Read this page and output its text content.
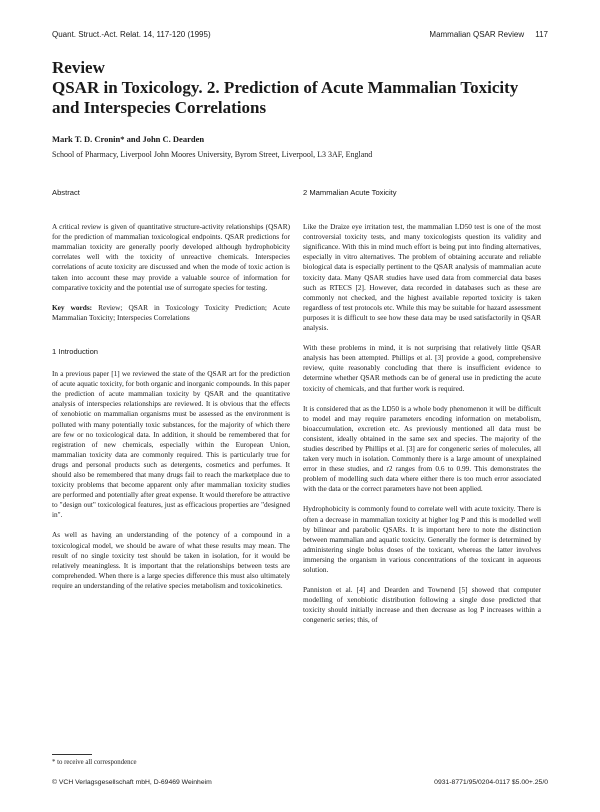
Quant. Struct.-Act. Relat. 14, 117-120 (1995)	Mammalian QSAR Review 117
Review
QSAR in Toxicology. 2. Prediction of Acute Mammalian Toxicity and Interspecies Correlations
Mark T. D. Cronin* and John C. Dearden
School of Pharmacy, Liverpool John Moores University, Byrom Street, Liverpool, L3 3AF, England
Abstract

A critical review is given of quantitative structure-activity relationships (QSAR) for the prediction of mammalian toxicological endpoints. QSAR predictions for mammalian toxicity are generally poorly developed although hydrophobicity correlates well with the toxicity of unreactive chemicals. Interspecies correlations of acute toxicity are discussed and when the mode of toxic action is taken into account these may provide a valuable source of information for comparative toxicity and the potential use of surrogate species for testing.

Key words: Review; QSAR in Toxicology Toxicity Prediction; Acute Mammalian Toxicity; Interspecies Correlations

1 Introduction

In a previous paper [1] we reviewed the state of the QSAR art for the prediction of acute aquatic toxicity, for both organic and inorganic compounds. In this paper the prediction of acute mammalian toxicity by QSAR and the quantitative analysis of interspecies relationships are reviewed. It is obvious that the effects of xenobiotic on mammalian organisms must be assessed as the environment is polluted with many potentially toxic substances, for the majority of which there are few or no toxicological data. In addition, it should be remembered that for registration of new chemicals, especially within the European Union, mammalian toxicity data are commonly required. This is particularly true for drugs and personal products such as detergents, cosmetics and perfumes. It should also be remembered that many drugs fail to reach the marketplace due to toxicity problems that become apparent only after mammalian toxicity studies are performed and potentially after great expense. It would therefore be attractive to "design out" toxicological features, just as efficacious properties are "designed in".

As well as having an understanding of the potency of a compound in a toxicological model, we should be aware of what these results may mean. The result of no single toxicity test should be taken in isolation, for it would be relatively meaningless. It is important that the relationships between tests are comprehended. When there is a large species difference this must also ultimately require an understanding of the relative species metabolism and toxicokinetics.

* to receive all correspondence
2 Mammalian Acute Toxicity

Like the Draize eye irritation test, the mammalian LD50 test is one of the most controversial toxicity tests, and many toxicologists question its validity and significance. With this in mind much effort is being put into finding alternatives, especially in vitro alternatives. The problem of obtaining accurate and reliable biological data is especially pertinent to the QSAR analysis of mammalian acute toxicity data. Many QSAR studies have used data from commercial data bases such as RTECS [2]. However, data recorded in databases such as these are commonly not checked, and the highest available reported toxicity is taken regardless of test protocols etc. While this may be suitable for hazard assessment purposes it is difficult to see how these data may be used satisfactorily in QSAR analysis.

With these problems in mind, it is not surprising that relatively little QSAR analysis has been attempted. Phillips et al. [3] provide a good, comprehensive review, quite reasonably concluding that there is insufficient evidence to determine whether QSAR methods can be of general use in predicting the acute toxicity of chemicals, and that further work is required.

It is considered that as the LD50 is a whole body phenomenon it will be difficult to model and may require parameters encoding information on metabolism, bioaccumulation, excretion etc. As previously mentioned all data must be consistent, ideally obtained in the same sex and species. The majority of the studies described by Phillips et al. [3] are for congeneric series of molecules, all taken very much in isolation. Commonly there is a large amount of unexplained error in these studies, and r2 ranges from 0.6 to 0.99. This demonstrates the problem of modelling such data where either there is too much error associated with the data or the correct parameters have not been applied.

Hydrophobicity is commonly found to correlate well with acute toxicity. There is often a decrease in mammalian toxicity at higher log P and this is modelled well by bilinear and parabolic QSARs. It is important here to note the distinction between mammalian and aquatic toxicity. Generally the former is determined by administering single bolus doses of the toxicant, whereas the latter involves immersing the organism in various concentrations of the toxicant in aqueous solution.

Panniston et al. [4] and Dearden and Townend [5] showed that computer modelling of xenobiotic distribution following a single dose predicted that toxicity should initially increase and then decrease as log P increases within a congeneric series; this, of

© VCH Verlagsgesellschaft mbH, D-69469 Weinheim	0931-8771/95/0204-0117 $5.00+.25/0
